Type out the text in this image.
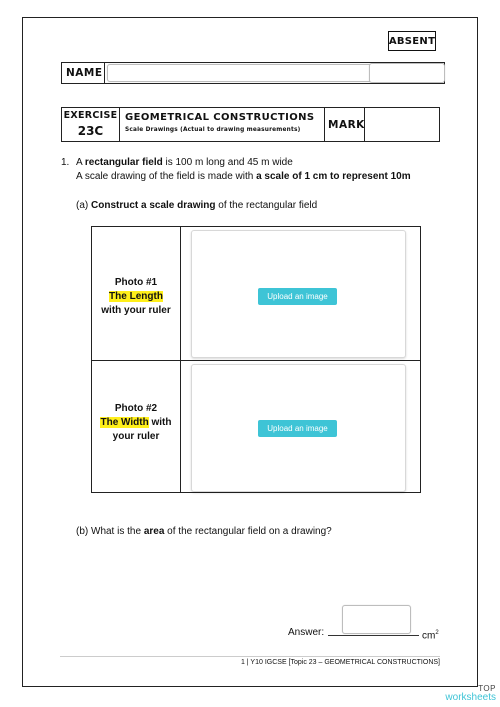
ABSENT
NAME
EXERCISE
23C
GEOMETRICAL CONSTRUCTIONS
Scale Drawings (Actual to drawing measurements)	MARK
1. A rectangular field is 100 m long and 45 m wide
A scale drawing of the field is made with a scale of 1 cm to represent 10m
(a) Construct a scale drawing of the rectangular field
Photo #1
The Length
with your ruler
Upload an image
Photo #2
The Width with
your ruler
Upload an image
(b) What is the area of the rectangular field on a drawing?
Answer:	$cm^2$
1 | Y10 IGCSE [Topic 23 – GEOMETRICAL CONSTRUCTIONS]
TOP
worksheets
